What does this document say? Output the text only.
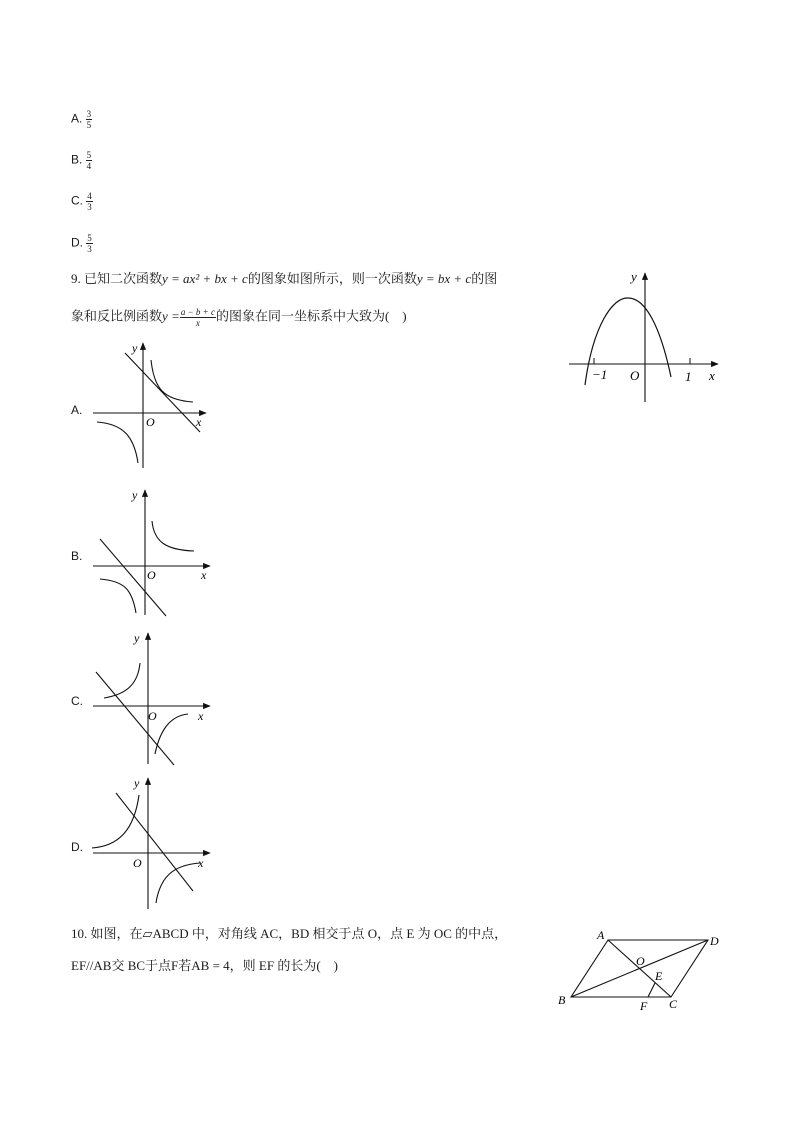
A. $\frac{3}{5}$
B. $\frac{5}{4}$
C. $\frac{4}{3}$
D. $\frac{5}{3}$
9. 已知二次函数y = ax² + bx + c的图象如图所示，则一次函数y = bx + c的图
象和反比例函数$y = \frac{a - b + c}{x}$ 的图象在同一坐标系中大致为(　)
y
x
O
−1	1
A.
y
x
O
B.
y
x
O
C.
y
x
O
D.
y
x
O
10. 如图，在▱ABCD 中，对角线 AC，BD 相交于点 O，点 E 为 OC 的中点，
EF//AB交 BC于点F若AB = 4，则 EF 的长为(　)
A	D
B	C
O
E
F
